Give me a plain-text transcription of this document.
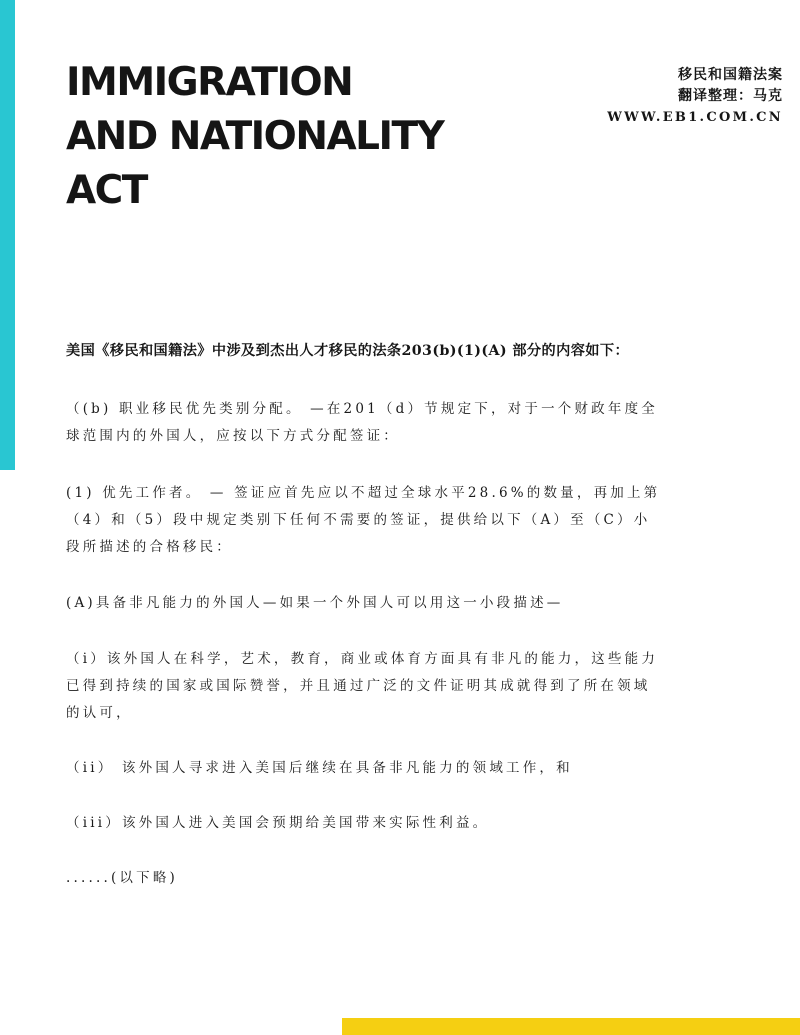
IMMIGRATION
AND NATIONALITY
ACT
移民和国籍法案
翻译整理：马克
WWW.EB1.COM.CN

美国《移民和国籍法》中涉及到杰出人才移民的法条203(b)(1)(A) 部分的内容如下：

（(b) 职业移民优先类别分配。 —在201（d）节规定下，对于一个财政年度全球范围内的外国人，应按以下方式分配签证：

(1) 优先工作者。 — 签证应首先应以不超过全球水平28.6%的数量，再加上第（4）和（5）段中规定类别下任何不需要的签证，提供给以下（A）至（C）小段所描述的合格移民：

(A)具备非凡能力的外国人—如果一个外国人可以用这一小段描述—

（i）该外国人在科学，艺术，教育，商业或体育方面具有非凡的能力，这些能力已得到持续的国家或国际赞誉，并且通过广泛的文件证明其成就得到了所在领域的认可，

（ii） 该外国人寻求进入美国后继续在具备非凡能力的领域工作，和

（iii）该外国人进入美国会预期给美国带来实际性利益。

......(以下略)
